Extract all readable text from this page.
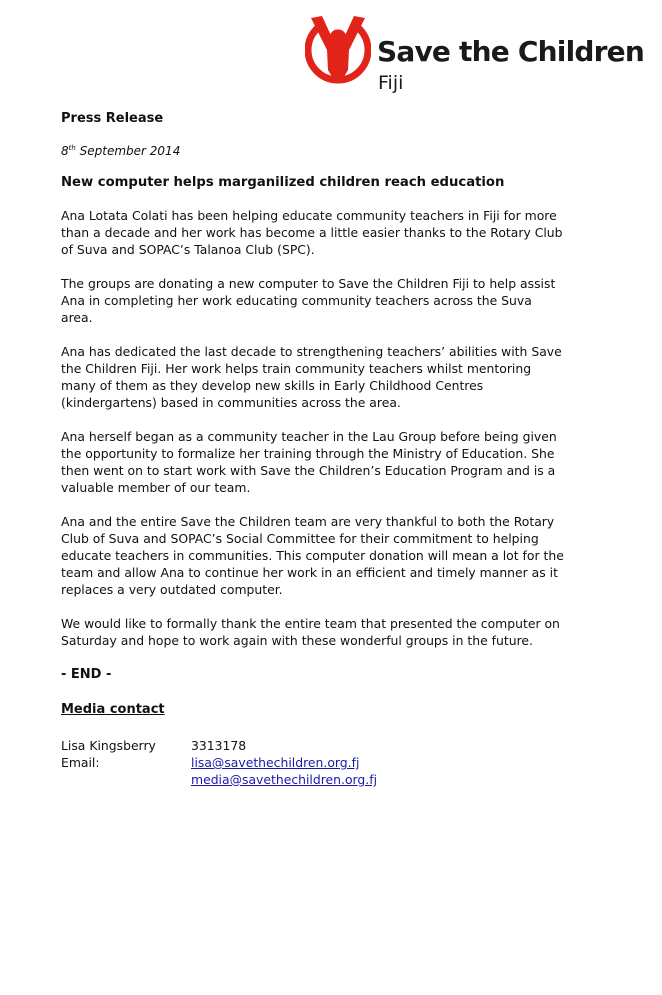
Save the Children
Fiji

Press Release

8th September 2014

New computer helps marganilized children reach education

Ana Lotata Colati has been helping educate community teachers in Fiji for more than a decade and her work has become a little easier thanks to the Rotary Club of Suva and SOPAC’s Talanoa Club (SPC).

The groups are donating a new computer to Save the Children Fiji to help assist Ana in completing her work educating community teachers across the Suva area.

Ana has dedicated the last decade to strengthening teachers’ abilities with Save the Children Fiji. Her work helps train community teachers whilst mentoring many of them as they develop new skills in Early Childhood Centres (kindergartens) based in communities across the area.

Ana herself began as a community teacher in the Lau Group before being given the opportunity to formalize her training through the Ministry of Education. She then went on to start work with Save the Children’s Education Program and is a valuable member of our team.

Ana and the entire Save the Children team are very thankful to both the Rotary Club of Suva and SOPAC’s Social Committee for their commitment to helping educate teachers in communities. This computer donation will mean a lot for the team and allow Ana to continue her work in an efficient and timely manner as it replaces a very outdated computer.

We would like to formally thank the entire team that presented the computer on Saturday and hope to work again with these wonderful groups in the future.

- END -

Media contact

Lisa Kingsberry	3313178
Email:	lisa@savethechildren.org.fj
media@savethechildren.org.fj
